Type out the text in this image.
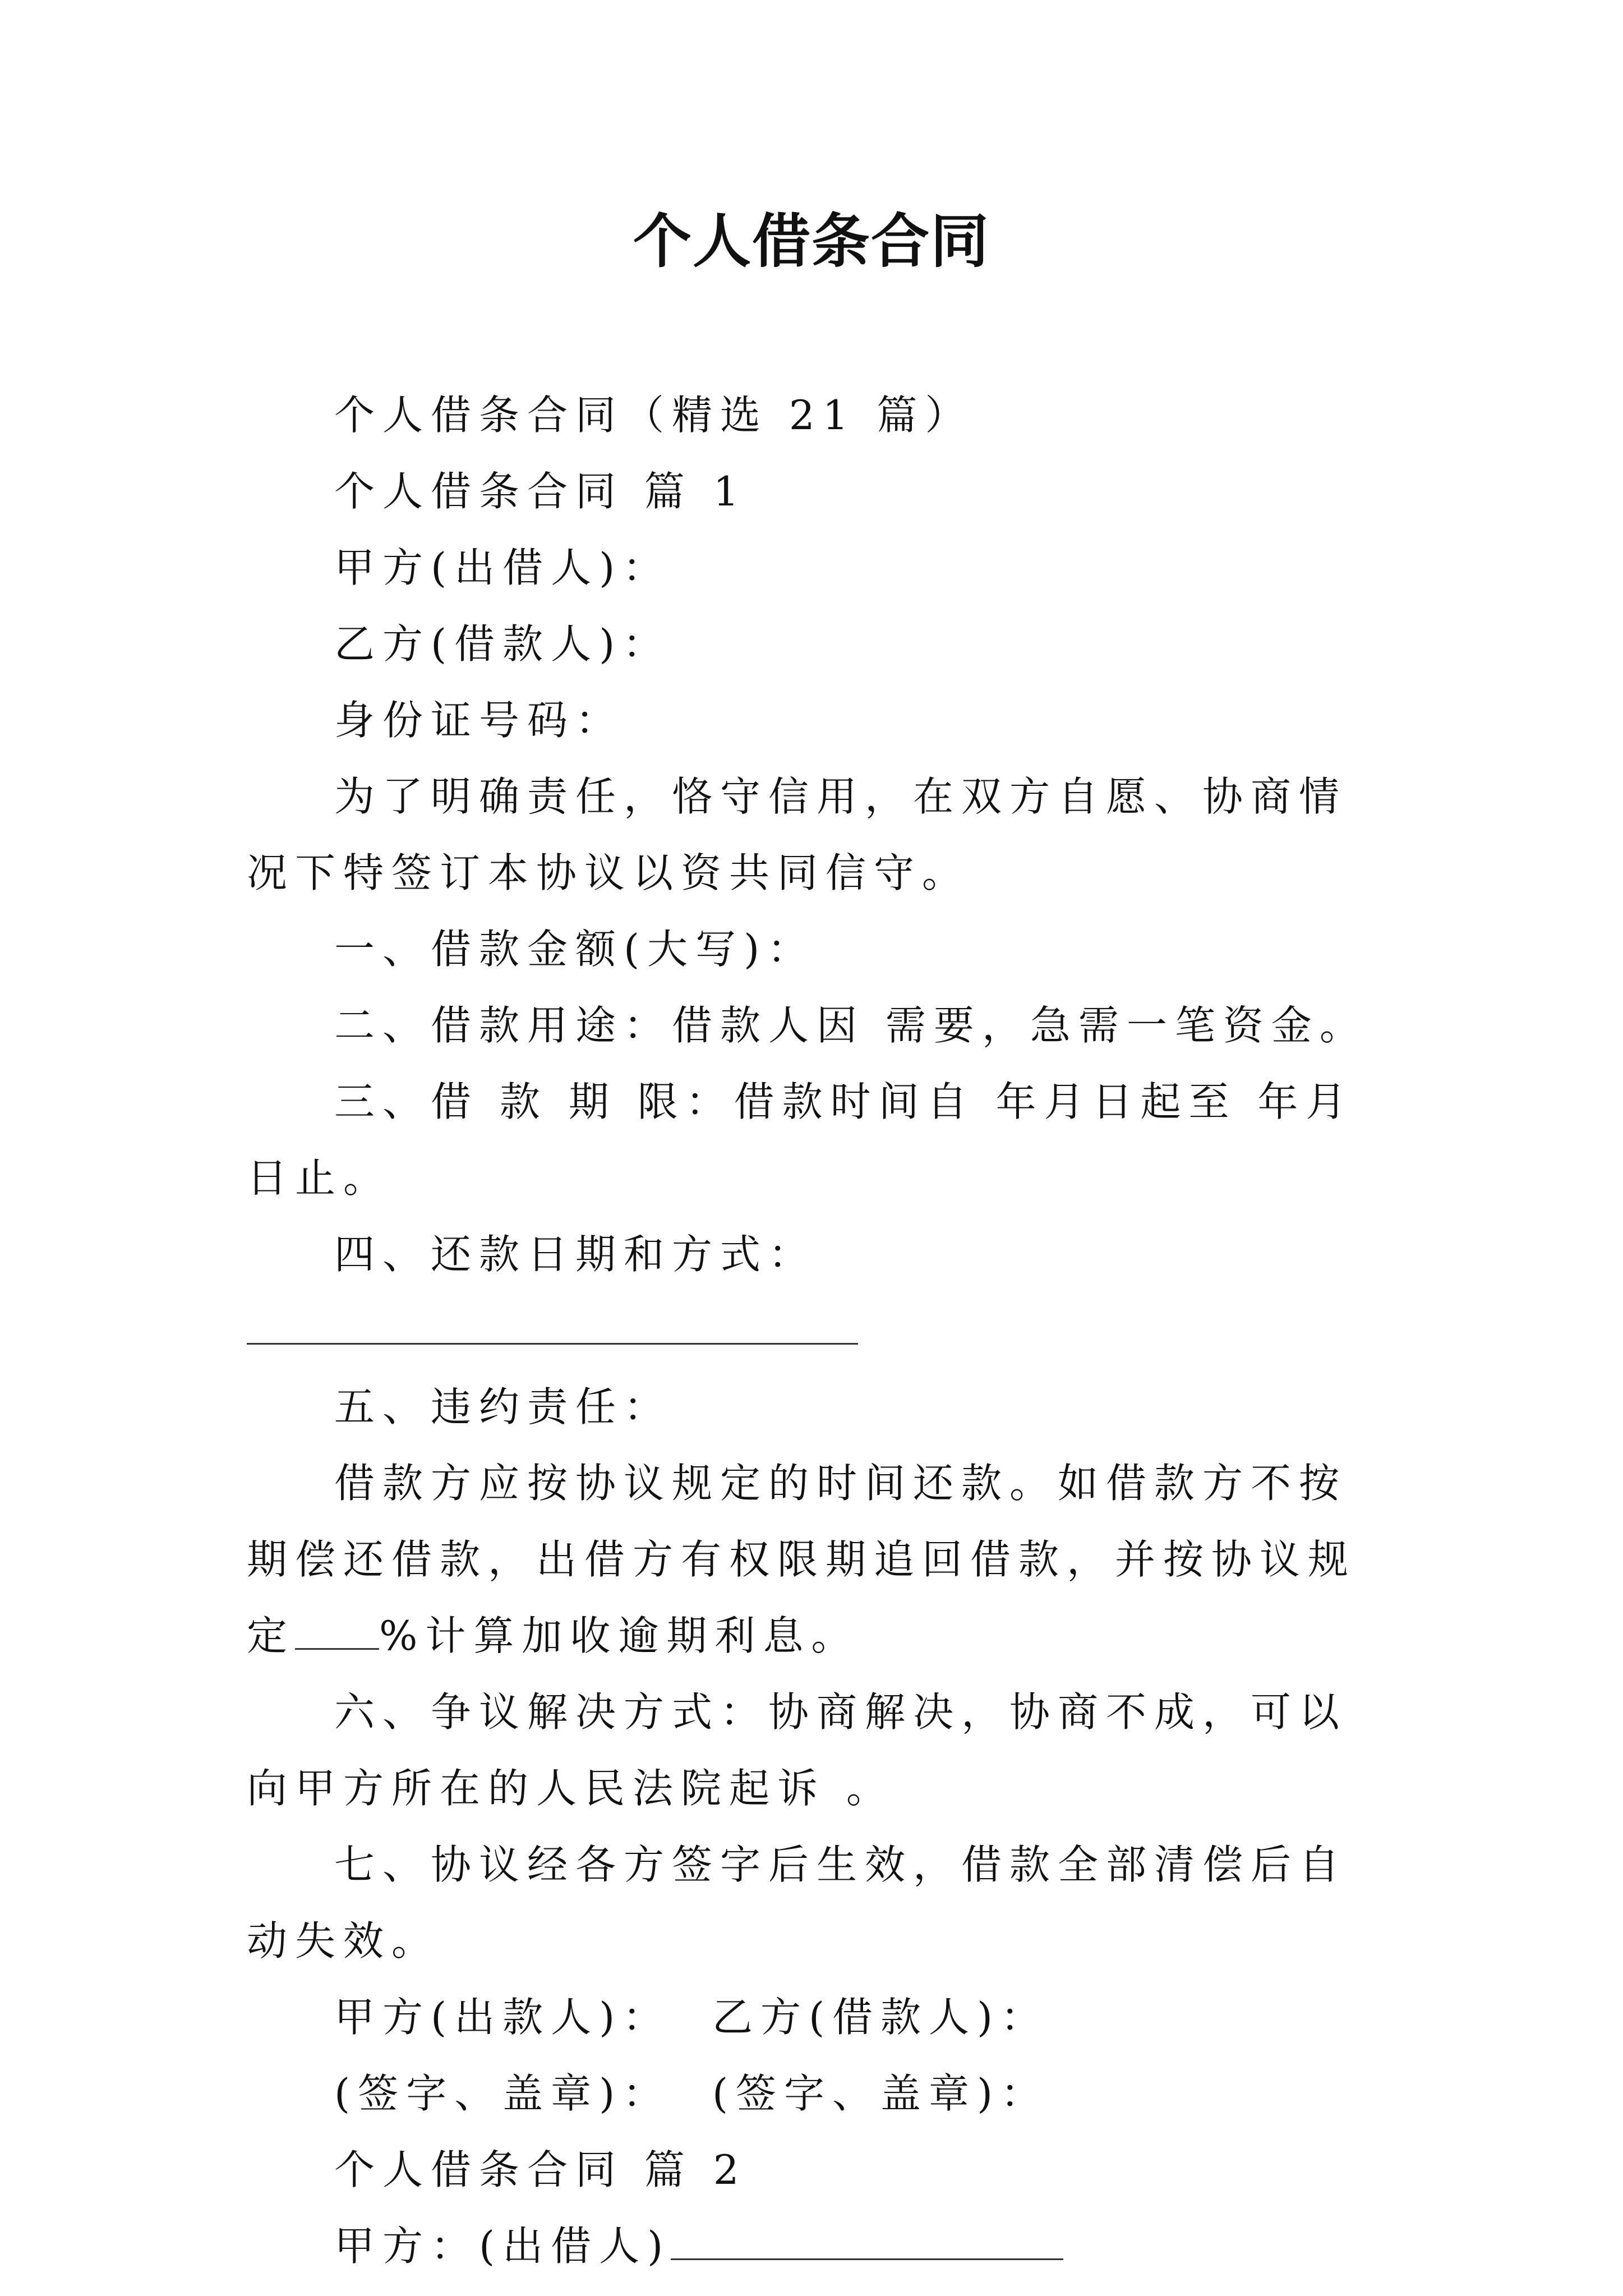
个人借条合同

个人借条合同（精选 21 篇）

个人借条合同 篇 1

甲方(出借人)：

乙方(借款人)：

身份证号码：

为了明确责任，恪守信用，在双方自愿、协商情况下特签订本协议以资共同信守。

一、借款金额(大写)：

二、借款用途：借款人因 需要，急需一笔资金。

三、借 款 期 限：借款时间自 年月日起至 年月日止。

四、还款日期和方式：

五、违约责任：

借款方应按协议规定的时间还款。如借款方不按期偿还借款，出借方有权限期追回借款，并按协议规定 %计算加收逾期利息。

六、争议解决方式：协商解决，协商不成，可以向甲方所在的人民法院起诉 。

七、协议经各方签字后生效，借款全部清偿后自动失效。

甲方(出款人)：  乙方(借款人)：

(签字、盖章)：  (签字、盖章)：

个人借条合同 篇 2

甲方：(出借人)
